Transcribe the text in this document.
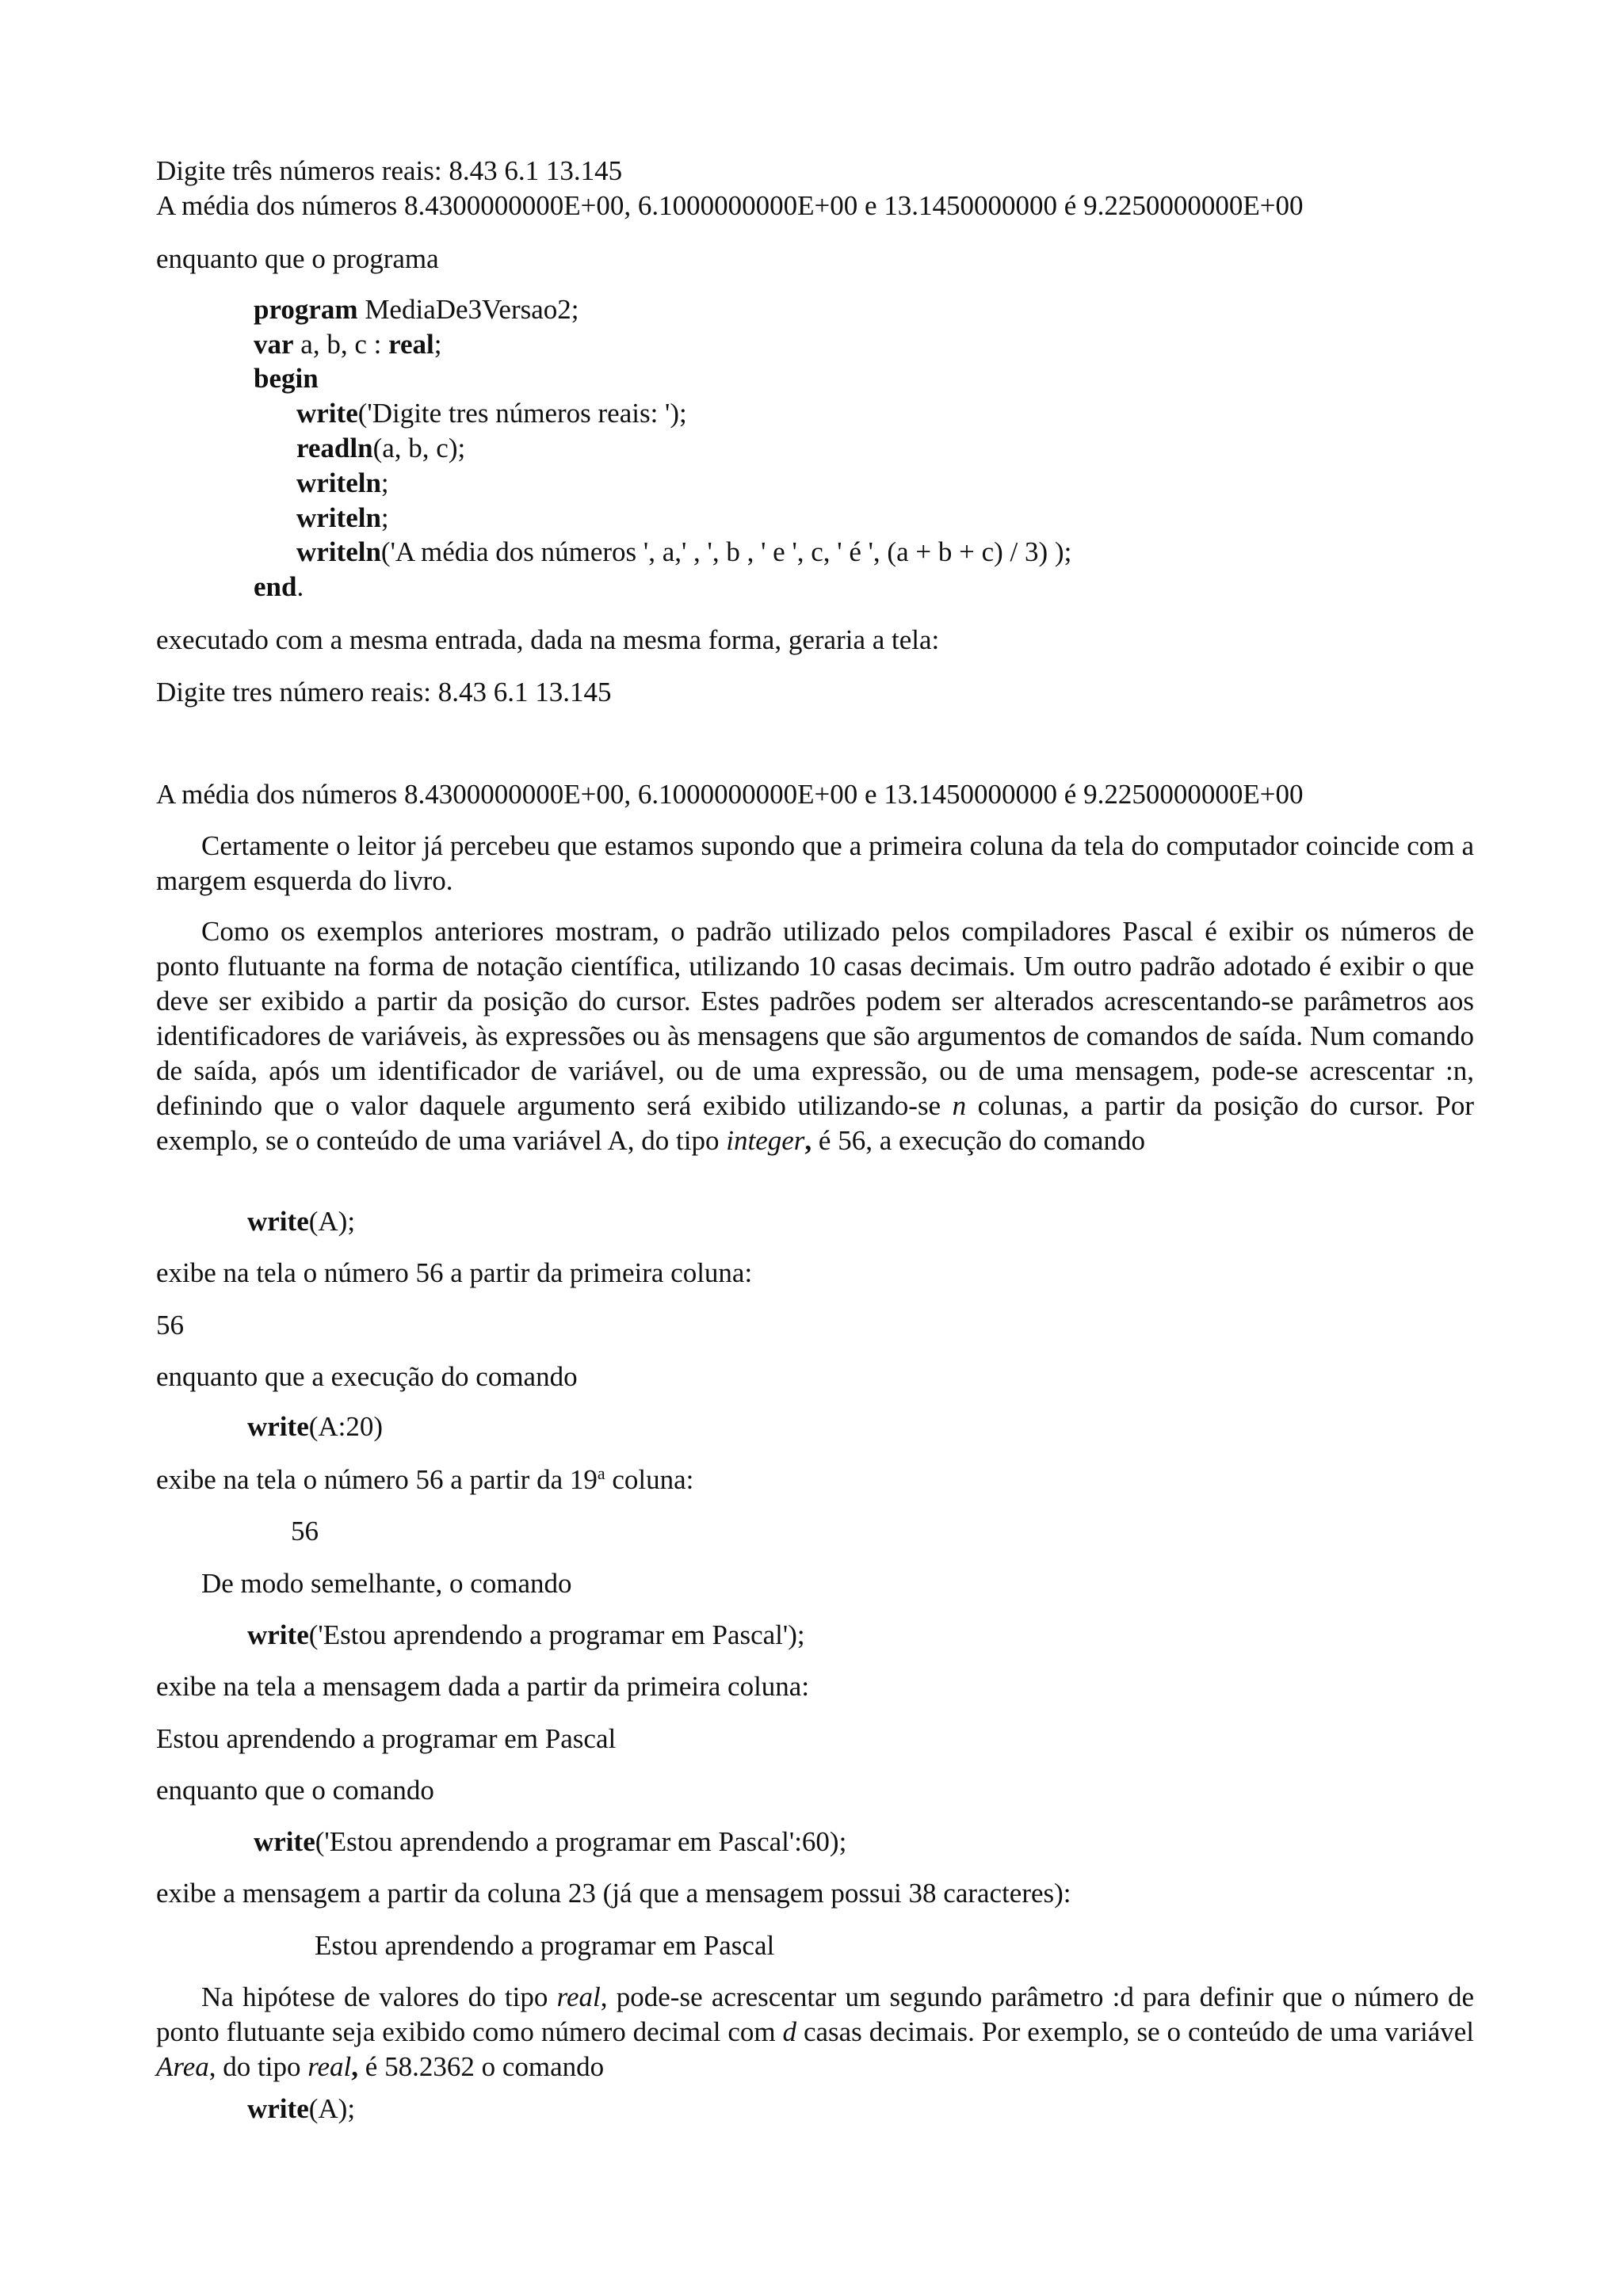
Digite três números reais: 8.43 6.1 13.145
A média dos números 8.4300000000E+00, 6.1000000000E+00 e 13.1450000000 é 9.2250000000E+00
enquanto que o programa
program MediaDe3Versao2;
var a, b, c : real;
begin
write('Digite tres números reais: ');
readln(a, b, c);
writeln;
writeln;
writeln('A média dos números ', a,' , ', b , ' e ', c, ' é ', (a + b + c) / 3) );
end.
executado com a mesma entrada, dada na mesma forma, geraria a tela:
Digite tres número reais: 8.43 6.1 13.145
A média dos números 8.4300000000E+00, 6.1000000000E+00 e 13.1450000000 é 9.2250000000E+00

Certamente o leitor já percebeu que estamos supondo que a primeira coluna da tela do computador coincide com a margem esquerda do livro.

Como os exemplos anteriores mostram, o padrão utilizado pelos compiladores Pascal é exibir os números de ponto flutuante na forma de notação científica, utilizando 10 casas decimais. Um outro padrão adotado é exibir o que deve ser exibido a partir da posição do cursor. Estes padrões podem ser alterados acrescentando-se parâmetros aos identificadores de variáveis, às expressões ou às mensagens que são argumentos de comandos de saída. Num comando de saída, após um identificador de variável, ou de uma expressão, ou de uma mensagem, pode-se acrescentar :n, definindo que o valor daquele argumento será exibido utilizando-se n colunas, a partir da posição do cursor. Por exemplo, se o conteúdo de uma variável A, do tipo integer, é 56, a execução do comando

write(A);
exibe na tela o número 56 a partir da primeira coluna:
56
enquanto que a execução do comando
write(A:20)
exibe na tela o número 56 a partir da 19$^a$ coluna:
56
De modo semelhante, o comando
write('Estou aprendendo a programar em Pascal');
exibe na tela a mensagem dada a partir da primeira coluna:
Estou aprendendo a programar em Pascal
enquanto que o comando
write('Estou aprendendo a programar em Pascal':60);
exibe a mensagem a partir da coluna 23 (já que a mensagem possui 38 caracteres):
Estou aprendendo a programar em Pascal

Na hipótese de valores do tipo real, pode-se acrescentar um segundo parâmetro :d para definir que o número de ponto flutuante seja exibido como número decimal com d casas decimais. Por exemplo, se o conteúdo de uma variável Area, do tipo real, é 58.2362 o comando

write(A);
